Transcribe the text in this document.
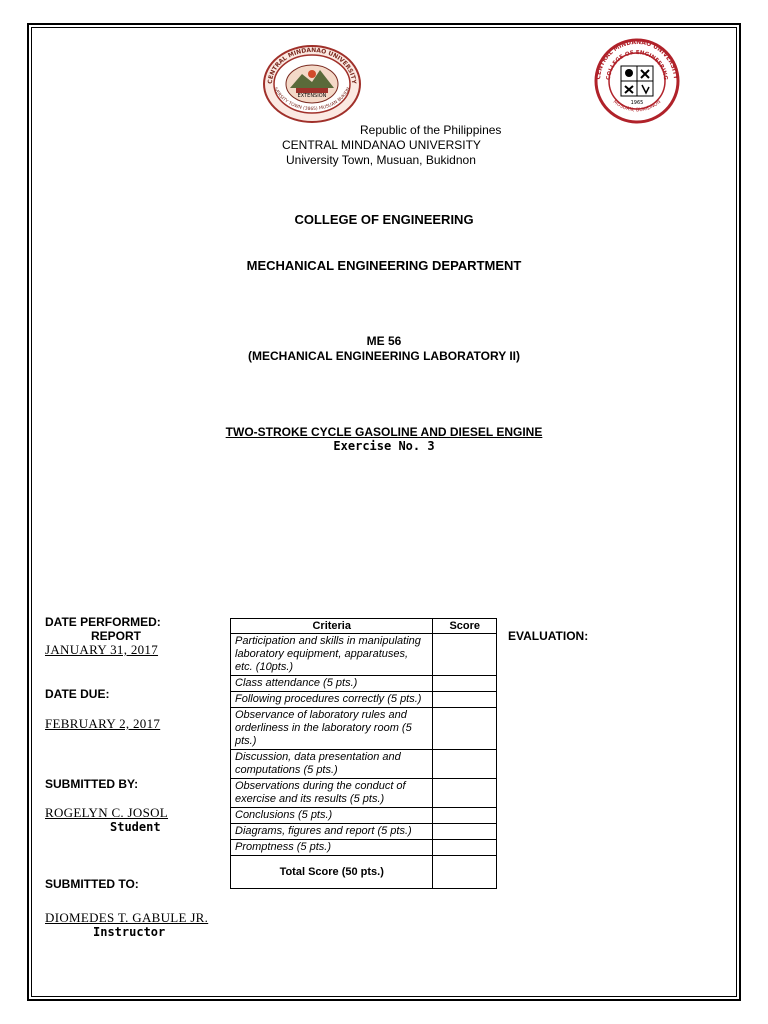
EXTENSION
CENTRAL MINDANAO UNIVERSITY
IVERSITY TOWN (3865) MUSUAN BUKIDN
1965
CENTRAL MINDANAO UNIVERSITY
COLLEGE OF ENGINEERING
MUSUAN, BUKIDNON
Republic of the Philippines
CENTRAL MINDANAO UNIVERSITY
University Town, Musuan, Bukidnon
COLLEGE OF ENGINEERING
MECHANICAL ENGINEERING DEPARTMENT
ME 56
(MECHANICAL ENGINEERING LABORATORY II)
TWO-STROKE CYCLE GASOLINE AND DIESEL ENGINE
Exercise No. 3
DATE PERFORMED:
REPORT
JANUARY 31, 2017
DATE DUE:
FEBRUARY 2, 2017
SUBMITTED BY:
ROGELYN C. JOSOL
Student
SUBMITTED TO:
DIOMEDES T. GABULE JR.
Instructor
EVALUATION:
Criteria	Score
Participation and skills in manipulating laboratory equipment, apparatuses, etc. (10pts.)	
Class attendance (5 pts.)	
Following procedures correctly (5 pts.)	
Observance of laboratory rules and orderliness in the laboratory room (5 pts.)	
Discussion, data presentation and computations (5 pts.)	
Observations during the conduct of exercise and its results (5 pts.)	
Conclusions (5 pts.)	
Diagrams, figures and report (5 pts.)	
Promptness (5 pts.)	
Total Score (50 pts.)	
